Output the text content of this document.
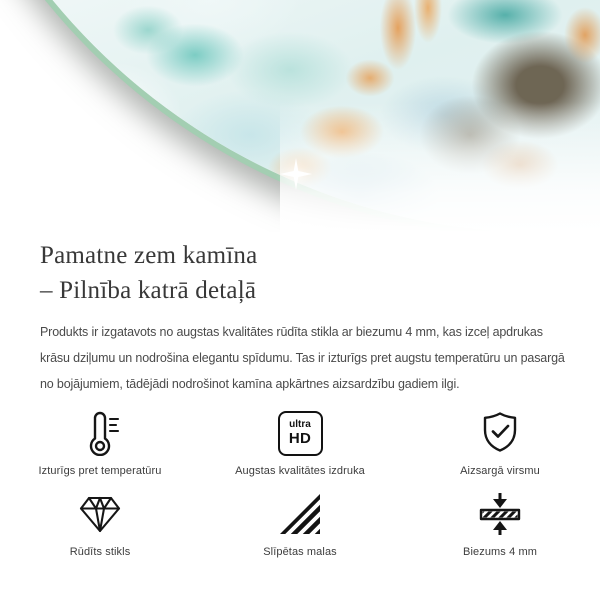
Pamatne zem kamīna
– Pilnība katrā detaļā
Produkts ir izgatavots no augstas kvalitātes rūdīta stikla ar biezumu 4 mm, kas izceļ apdrukas
krāsu dziļumu un nodrošina elegantu spīdumu. Tas ir izturīgs pret augstu temperatūru un pasargā
no bojājumiem, tādējādi nodrošinot kamīna apkārtnes aizsardzību gadiem ilgi.
Izturīgs pret temperatūru
ultra
HD
Augstas kvalitātes izdruka	Aizsargā virsmu
Rūdīts stikls	Slīpētas malas	Biezums 4 mm
